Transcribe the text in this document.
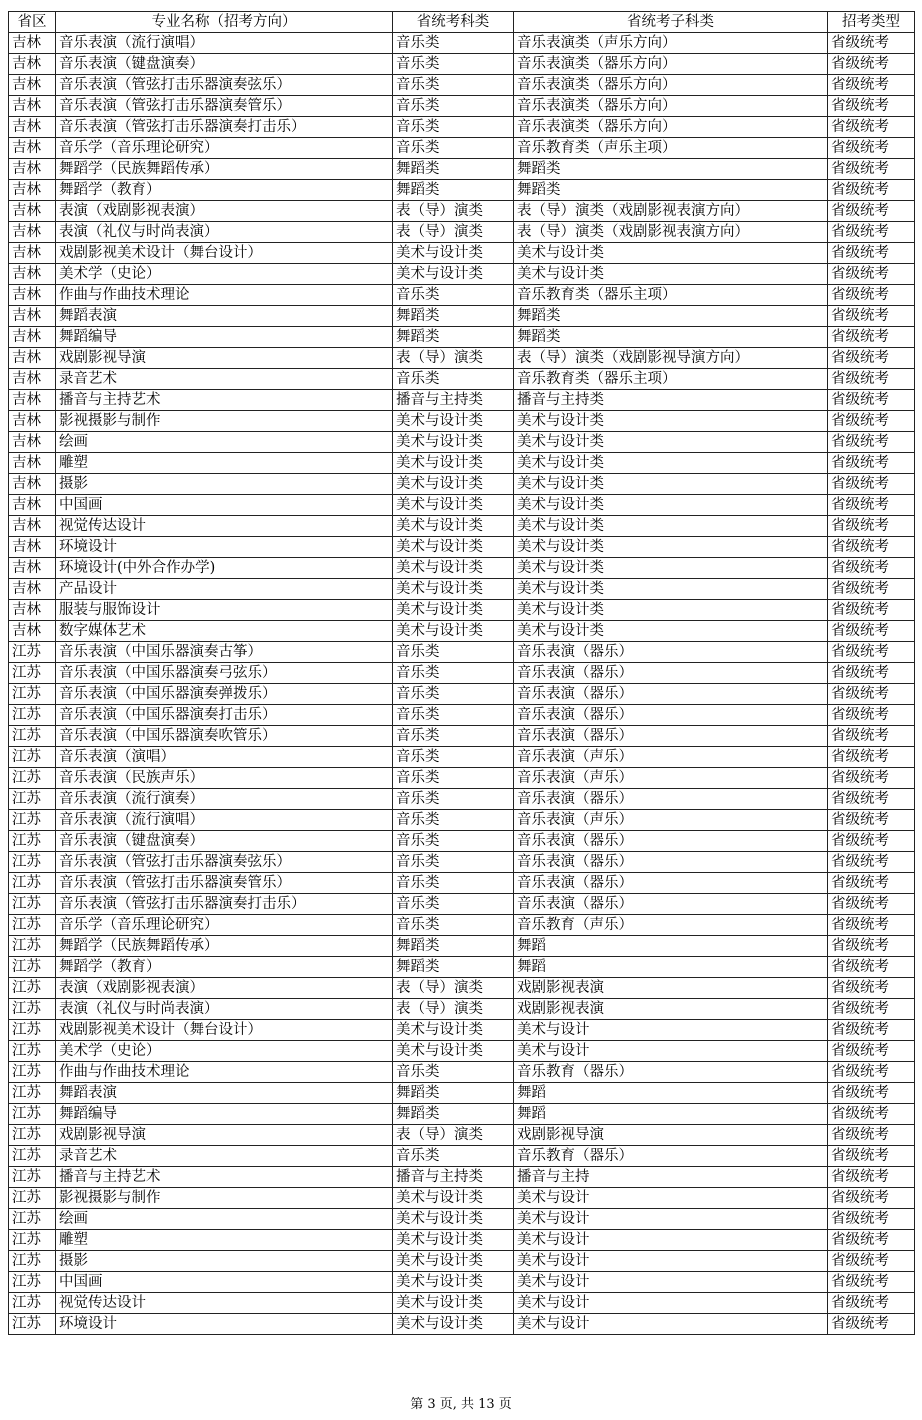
省区	专业名称（招考方向）	省统考科类	省统考子科类	招考类型
吉林	音乐表演（流行演唱）	音乐类	音乐表演类（声乐方向）	省级统考
吉林	音乐表演（键盘演奏）	音乐类	音乐表演类（器乐方向）	省级统考
吉林	音乐表演（管弦打击乐器演奏弦乐）	音乐类	音乐表演类（器乐方向）	省级统考
吉林	音乐表演（管弦打击乐器演奏管乐）	音乐类	音乐表演类（器乐方向）	省级统考
吉林	音乐表演（管弦打击乐器演奏打击乐）	音乐类	音乐表演类（器乐方向）	省级统考
吉林	音乐学（音乐理论研究）	音乐类	音乐教育类（声乐主项）	省级统考
吉林	舞蹈学（民族舞蹈传承）	舞蹈类	舞蹈类	省级统考
吉林	舞蹈学（教育）	舞蹈类	舞蹈类	省级统考
吉林	表演（戏剧影视表演）	表（导）演类	表（导）演类（戏剧影视表演方向）	省级统考
吉林	表演（礼仪与时尚表演）	表（导）演类	表（导）演类（戏剧影视表演方向）	省级统考
吉林	戏剧影视美术设计（舞台设计）	美术与设计类	美术与设计类	省级统考
吉林	美术学（史论）	美术与设计类	美术与设计类	省级统考
吉林	作曲与作曲技术理论	音乐类	音乐教育类（器乐主项）	省级统考
吉林	舞蹈表演	舞蹈类	舞蹈类	省级统考
吉林	舞蹈编导	舞蹈类	舞蹈类	省级统考
吉林	戏剧影视导演	表（导）演类	表（导）演类（戏剧影视导演方向）	省级统考
吉林	录音艺术	音乐类	音乐教育类（器乐主项）	省级统考
吉林	播音与主持艺术	播音与主持类	播音与主持类	省级统考
吉林	影视摄影与制作	美术与设计类	美术与设计类	省级统考
吉林	绘画	美术与设计类	美术与设计类	省级统考
吉林	雕塑	美术与设计类	美术与设计类	省级统考
吉林	摄影	美术与设计类	美术与设计类	省级统考
吉林	中国画	美术与设计类	美术与设计类	省级统考
吉林	视觉传达设计	美术与设计类	美术与设计类	省级统考
吉林	环境设计	美术与设计类	美术与设计类	省级统考
吉林	环境设计(中外合作办学)	美术与设计类	美术与设计类	省级统考
吉林	产品设计	美术与设计类	美术与设计类	省级统考
吉林	服装与服饰设计	美术与设计类	美术与设计类	省级统考
吉林	数字媒体艺术	美术与设计类	美术与设计类	省级统考
江苏	音乐表演（中国乐器演奏古筝）	音乐类	音乐表演（器乐）	省级统考
江苏	音乐表演（中国乐器演奏弓弦乐）	音乐类	音乐表演（器乐）	省级统考
江苏	音乐表演（中国乐器演奏弹拨乐）	音乐类	音乐表演（器乐）	省级统考
江苏	音乐表演（中国乐器演奏打击乐）	音乐类	音乐表演（器乐）	省级统考
江苏	音乐表演（中国乐器演奏吹管乐）	音乐类	音乐表演（器乐）	省级统考
江苏	音乐表演（演唱）	音乐类	音乐表演（声乐）	省级统考
江苏	音乐表演（民族声乐）	音乐类	音乐表演（声乐）	省级统考
江苏	音乐表演（流行演奏）	音乐类	音乐表演（器乐）	省级统考
江苏	音乐表演（流行演唱）	音乐类	音乐表演（声乐）	省级统考
江苏	音乐表演（键盘演奏）	音乐类	音乐表演（器乐）	省级统考
江苏	音乐表演（管弦打击乐器演奏弦乐）	音乐类	音乐表演（器乐）	省级统考
江苏	音乐表演（管弦打击乐器演奏管乐）	音乐类	音乐表演（器乐）	省级统考
江苏	音乐表演（管弦打击乐器演奏打击乐）	音乐类	音乐表演（器乐）	省级统考
江苏	音乐学（音乐理论研究）	音乐类	音乐教育（声乐）	省级统考
江苏	舞蹈学（民族舞蹈传承）	舞蹈类	舞蹈	省级统考
江苏	舞蹈学（教育）	舞蹈类	舞蹈	省级统考
江苏	表演（戏剧影视表演）	表（导）演类	戏剧影视表演	省级统考
江苏	表演（礼仪与时尚表演）	表（导）演类	戏剧影视表演	省级统考
江苏	戏剧影视美术设计（舞台设计）	美术与设计类	美术与设计	省级统考
江苏	美术学（史论）	美术与设计类	美术与设计	省级统考
江苏	作曲与作曲技术理论	音乐类	音乐教育（器乐）	省级统考
江苏	舞蹈表演	舞蹈类	舞蹈	省级统考
江苏	舞蹈编导	舞蹈类	舞蹈	省级统考
江苏	戏剧影视导演	表（导）演类	戏剧影视导演	省级统考
江苏	录音艺术	音乐类	音乐教育（器乐）	省级统考
江苏	播音与主持艺术	播音与主持类	播音与主持	省级统考
江苏	影视摄影与制作	美术与设计类	美术与设计	省级统考
江苏	绘画	美术与设计类	美术与设计	省级统考
江苏	雕塑	美术与设计类	美术与设计	省级统考
江苏	摄影	美术与设计类	美术与设计	省级统考
江苏	中国画	美术与设计类	美术与设计	省级统考
江苏	视觉传达设计	美术与设计类	美术与设计	省级统考
江苏	环境设计	美术与设计类	美术与设计	省级统考
第 3 页, 共 13 页
